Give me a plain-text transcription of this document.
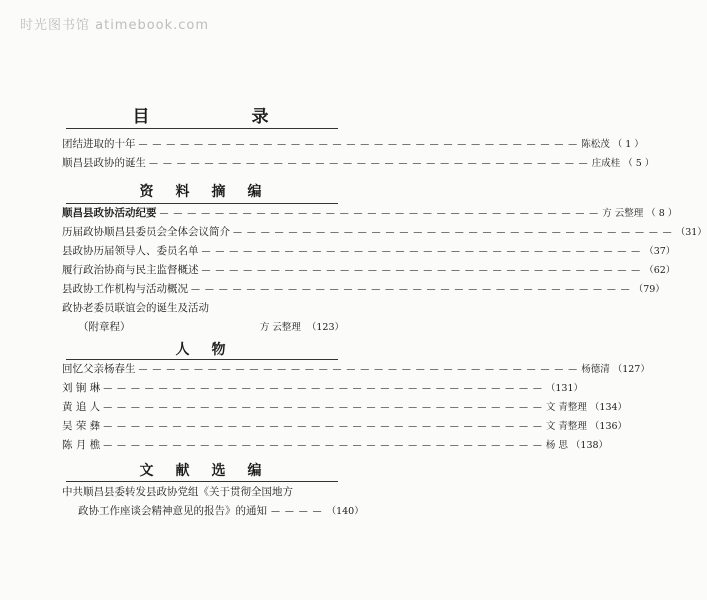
时光图书馆 atimebook.com
目 录
团结进取的十年 — — —	陈松茂 （ 1 ）
顺昌县政协的诞生 — — —	庄成桂 （ 5 ）
资料摘编
顺昌县政协活动纪要 — — —	方 云整理 （ 8 ）
历届政协顺昌县委员会全体会议简介 — — —	（31）
县政协历届领导人、委员名单 — — —	（37）
履行政治协商与民主监督概述 — — —	（62）
县政协工作机构与活动概况 — — —	（79）
政协老委员联谊会的诞生及活动
（附章程）	方 云整理 （123）
人物
回忆父亲杨春生 — — —	杨德清 （127）
刘 锏 琳 — — —	（131）
黄 追 人 — — —	文 青整理 （134）
吴 荣 彝 — — —	文 青整理 （136）
陈 月 樵 — — —	杨 思 （138）
文献选编
中共顺昌县委转发县政协党组《关于贯彻全国地方
政协工作座谈会精神意见的报告》的通知 — — — — （140）
